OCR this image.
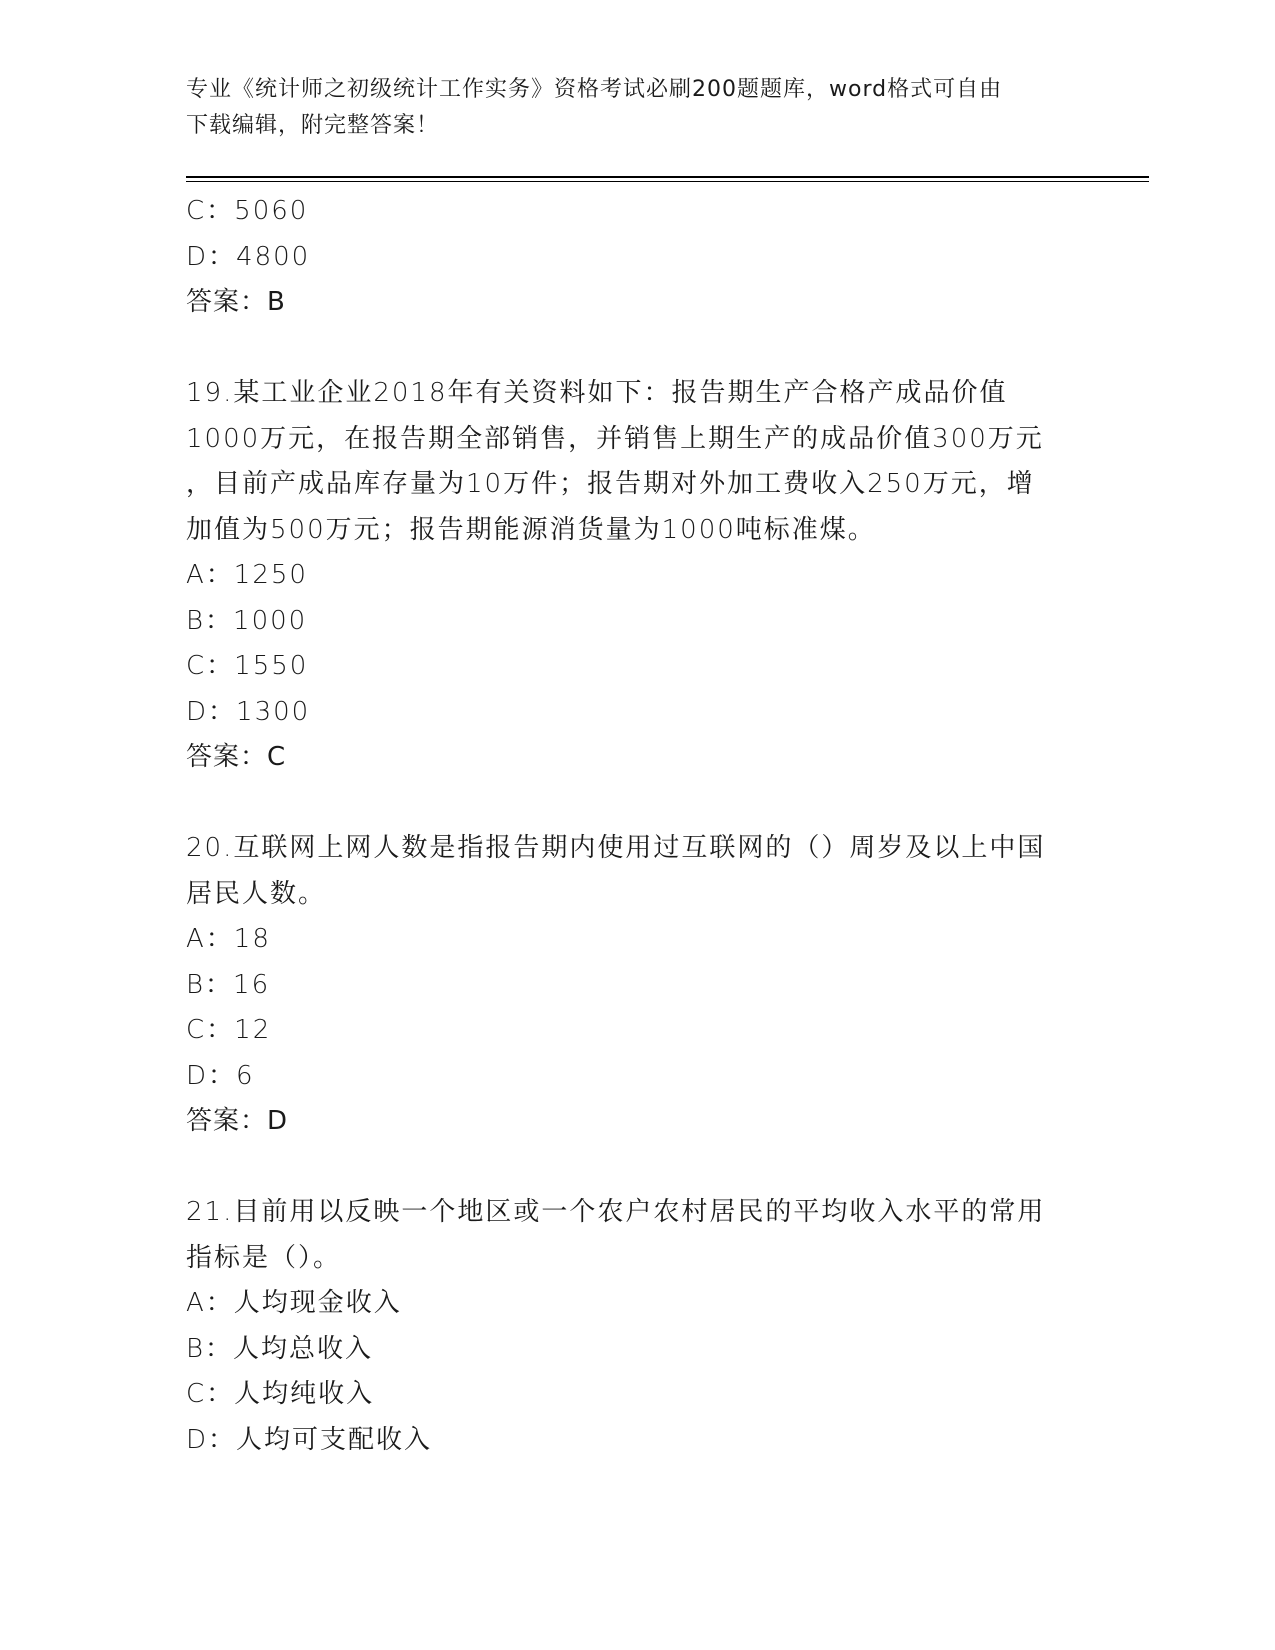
专业《统计师之初级统计工作实务》资格考试必刷200题题库，word格式可自由
下载编辑，附完整答案！
C：5060
D：4800
答案：B
19.某工业企业2018年有关资料如下：报告期生产合格产成品价值
1000万元，在报告期全部销售，并销售上期生产的成品价值300万元
，目前产成品库存量为10万件；报告期对外加工费收入250万元，增
加值为500万元；报告期能源消货量为1000吨标准煤。
A：1250
B：1000
C：1550
D：1300
答案：C
20.互联网上网人数是指报告期内使用过互联网的（）周岁及以上中国
居民人数。
A：18
B：16
C：12
D：6
答案：D
21.目前用以反映一个地区或一个农户农村居民的平均收入水平的常用
指标是（）。
A：人均现金收入
B：人均总收入
C：人均纯收入
D：人均可支配收入
